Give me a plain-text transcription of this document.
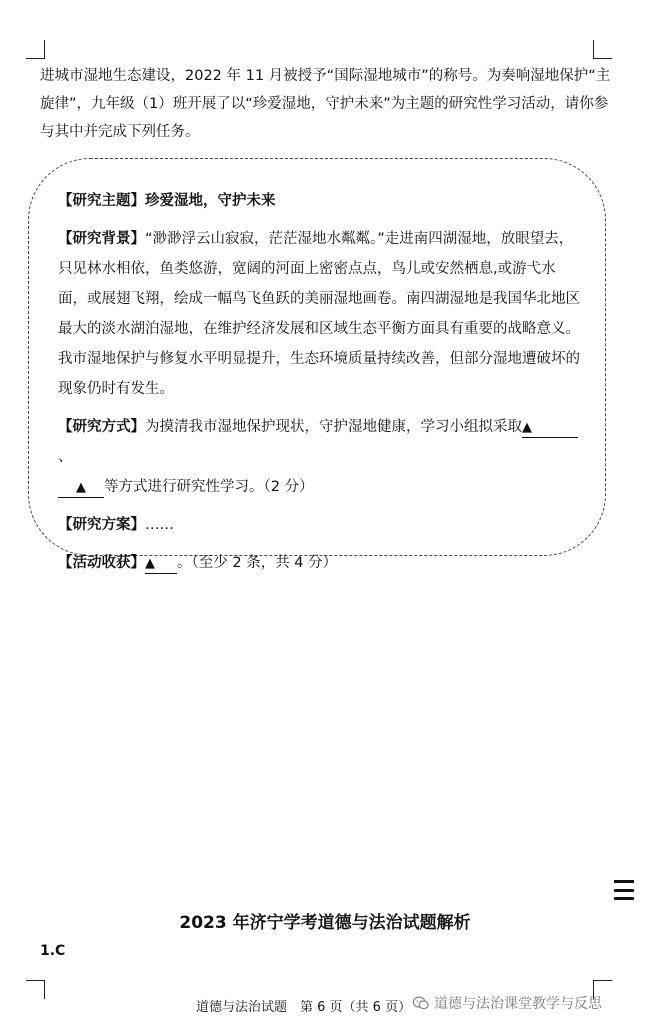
进城市湿地生态建设，2022 年 11 月被授予“国际湿地城市”的称号。为奏响湿地保护“主旋律”，九年级（1）班开展了以“珍爱湿地，守护未来”为主题的研究性学习活动，请你参与其中并完成下列任务。

【研究主题】珍爱湿地，守护未来

【研究背景】“渺渺浮云山寂寂，茫茫湿地水粼粼。”走进南四湖湿地，放眼望去，只见林水相依，鱼类悠游，宽阔的河面上密密点点，鸟儿或安然栖息,或游弋水面，或展翅飞翔，绘成一幅鸟飞鱼跃的美丽湿地画卷。南四湖湿地是我国华北地区最大的淡水湖泊湿地，在维护经济发展和区域生态平衡方面具有重要的战略意义。我市湿地保护与修复水平明显提升，生态环境质量持续改善，但部分湿地遭破坏的现象仍时有发生。

【研究方式】为摸清我市湿地保护现状，守护湿地健康，学习小组拟采取▲、
▲ 等方式进行研究性学习。（2 分）

【研究方案】……

【活动收获】▲ 。（至少 2 条，共 4 分）

2023 年济宁学考道德与法治试题解析
1.C
道德与法治试题　第 6 页（共 6 页） 道德与法治课堂教学与反思
